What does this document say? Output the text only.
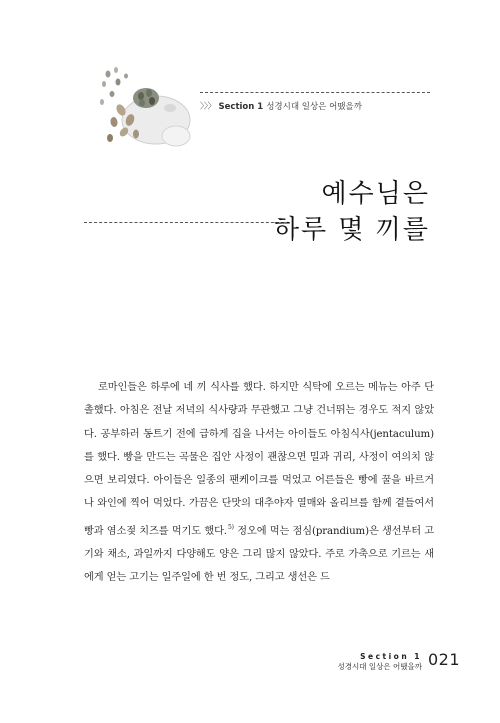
〉〉〉 Section 1 성경시대 일상은 어땠을까
예수님은
하루 몇 끼를

로마인들은 하루에 네 끼 식사를 했다. 하지만 식탁에 오르는 메뉴는 아주 단촐했다. 아침은 전날 저녁의 식사량과 무관했고 그냥 건너뛰는 경우도 적지 않았다. 공부하러 동트기 전에 급하게 집을 나서는 아이들도 아침식사(jentaculum)를 했다. 빵을 만드는 곡물은 집안 사정이 괜찮으면 밀과 귀리, 사정이 여의치 않으면 보리였다. 아이들은 일종의 팬케이크를 먹었고 어른들은 빵에 꿀을 바르거나 와인에 찍어 먹었다. 가끔은 단맛의 대추야자 열매와 올리브를 함께 곁들여서 빵과 염소젖 치즈를 먹기도 했다.$^{5)}$ 정오에 먹는 점심(prandium)은 생선부터 고기와 채소, 과일까지 다양해도 양은 그리 많지 않았다. 주로 가축으로 기르는 새에게 얻는 고기는 일주일에 한 번 정도, 그리고 생선은 드

Section 1
성경시대 일상은 어땠을까 021
